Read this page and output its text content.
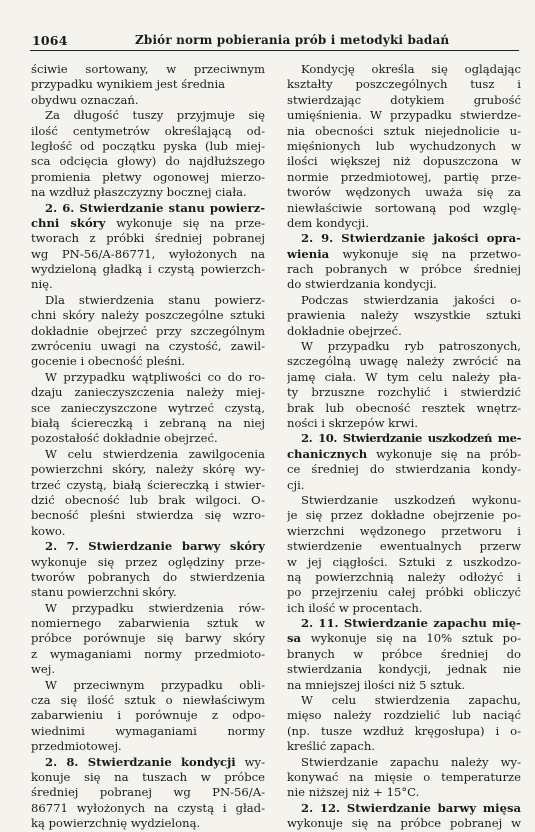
1064	Zbiór norm pobierania prób i metodyki badań
ściwie sortowany, w przeciwnym
przypadku wynikiem jest średnia
obydwu oznaczań.
Za długość tuszy przyjmuje się
ilość centymetrów określającą od-
ległość od początku pyska (lub miej-
sca odcięcia głowy) do najdłuższego
promienia płetwy ogonowej mierzo-
na wzdłuż płaszczyzny bocznej ciała.
2. 6. Stwierdzanie stanu powierz-
chni skóry wykonuje się na prze-
tworach z próbki średniej pobranej
wg PN-56/A-86771, wyłożonych na
wydzieloną gładką i czystą powierzch-
nię.
Dla stwierdzenia stanu powierz-
chni skóry należy poszczególne sztuki
dokładnie obejrzeć przy szczególnym
zwróceniu uwagi na czystość, zawil-
gocenie i obecność pleśni.
W przypadku wątpliwości co do ro-
dzaju zanieczyszczenia należy miej-
sce zanieczyszczone wytrzeć czystą,
białą ściereczką i zebraną na niej
pozostałość dokładnie obejrzeć.
W celu stwierdzenia zawilgocenia
powierzchni skóry, należy skórę wy-
trzeć czystą, białą ściereczką i stwier-
dzić obecność lub brak wilgoci. O-
becność pleśni stwierdza się wzro-
kowo.
2. 7. Stwierdzanie barwy skóry
wykonuje się przez oględziny prze-
tworów pobranych do stwierdzenia
stanu powierzchni skóry.
W przypadku stwierdzenia rów-
nomiernego zabarwienia sztuk w
próbce porównuje się barwy skóry
z wymaganiami normy przedmioto-
wej.
W przeciwnym przypadku obli-
cza się ilość sztuk o niewłaściwym
zabarwieniu i porównuje z odpo-
wiednimi wymaganiami normy
przedmiotowej.
2. 8. Stwierdzanie kondycji wy-
konuje się na tuszach w próbce
średniej pobranej wg PN-56/A-
86771 wyłożonych na czystą i gład-
ką powierzchnię wydzieloną.
Kondycję określa się oglądając
kształty poszczególnych tusz i
stwierdzając dotykiem grubość
umięśnienia. W przypadku stwierdze-
nia obecności sztuk niejednolicie u-
mięśnionych lub wychudzonych w
ilości większej niż dopuszczona w
normie przedmiotowej, partię prze-
tworów wędzonych uważa się za
niewłaściwie sortowaną pod wzglę-
dem kondycji.
2. 9. Stwierdzanie jakości opra-
wienia wykonuje się na przetwo-
rach pobranych w próbce średniej
do stwierdzania kondycji.
Podczas stwierdzania jakości o-
prawienia należy wszystkie sztuki
dokładnie obejrzeć.
W przypadku ryb patroszonych,
szczególną uwagę należy zwrócić na
jamę ciała. W tym celu należy pła-
ty brzuszne rozchylić i stwierdzić
brak lub obecność resztek wnętrz-
ności i skrzepów krwi.
2. 10. Stwierdzanie uszkodzeń me-
chanicznych wykonuje się na prób-
ce średniej do stwierdzania kondy-
cji.
Stwierdzanie uszkodzeń wykonu-
je się przez dokładne obejrzenie po-
wierzchni wędzonego przetworu i
stwierdzenie ewentualnych przerw
w jej ciągłości. Sztuki z uszkodzo-
ną powierzchnią należy odłożyć i
po przejrzeniu całej próbki obliczyć
ich ilość w procentach.
2. 11. Stwierdzanie zapachu mię-
sa wykonuje się na 10% sztuk po-
branych w próbce średniej do
stwierdzania kondycji, jednak nie
na mniejszej ilości niż 5 sztuk.
W celu stwierdzenia zapachu,
mięso należy rozdzielić lub naciąć
(np. tusze wzdłuż kręgosłupa) i o-
kreślić zapach.
Stwierdzanie zapachu należy wy-
konywać na mięsie o temperaturze
nie niższej niż + 15°C.
2. 12. Stwierdzanie barwy mięsa
wykonuje się na próbce pobranej w
